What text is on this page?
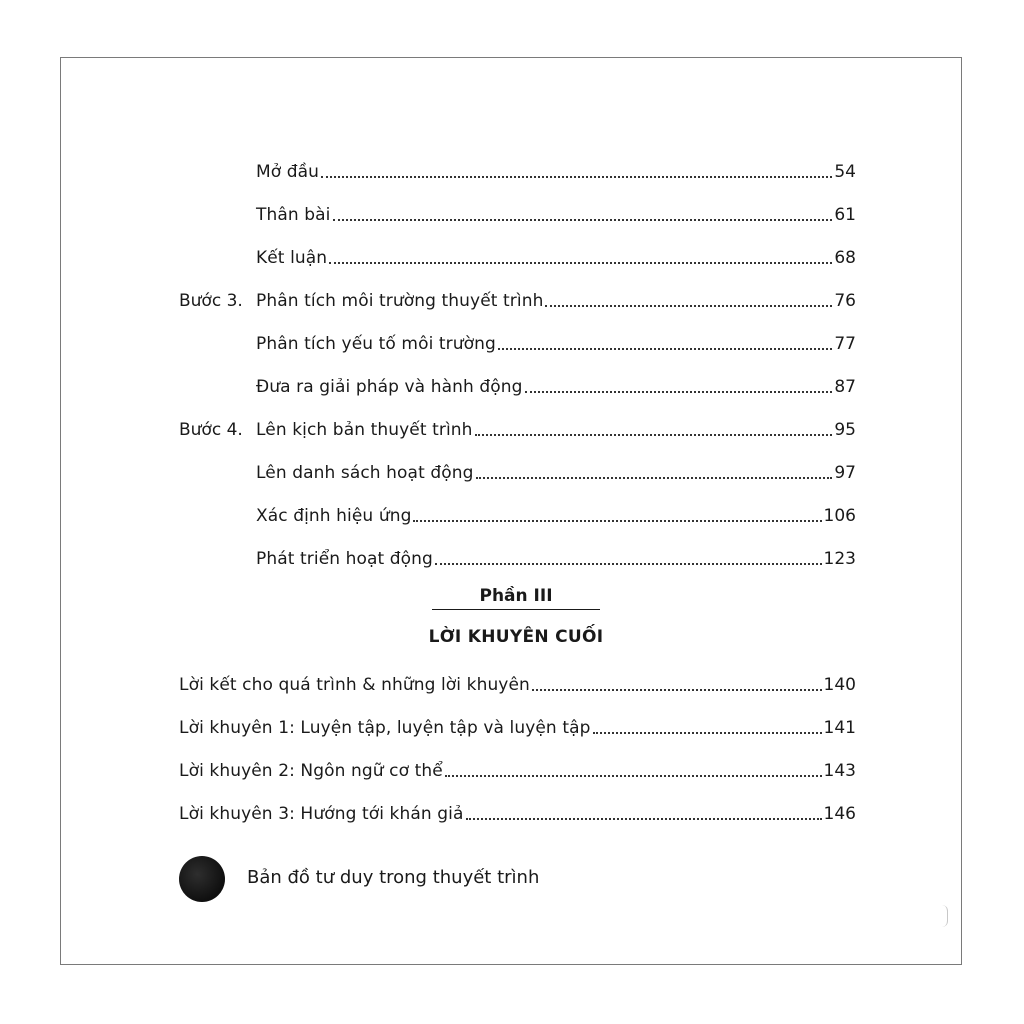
Mở đầu	54
Thân bài	61
Kết luận	68
Bước 3. Phân tích môi trường thuyết trình	76
Phân tích yếu tố môi trường	77
Đưa ra giải pháp và hành động	87
Bước 4. Lên kịch bản thuyết trình	95
Lên danh sách hoạt động	97
Xác định hiệu ứng	106
Phát triển hoạt động	123
Phần III
LỜI KHUYÊN CUỐI
Lời kết cho quá trình & những lời khuyên	140
Lời khuyên 1: Luyện tập, luyện tập và luyện tập	141
Lời khuyên 2: Ngôn ngữ cơ thể	143
Lời khuyên 3: Hướng tới khán giả	146
Bản đồ tư duy trong thuyết trình
